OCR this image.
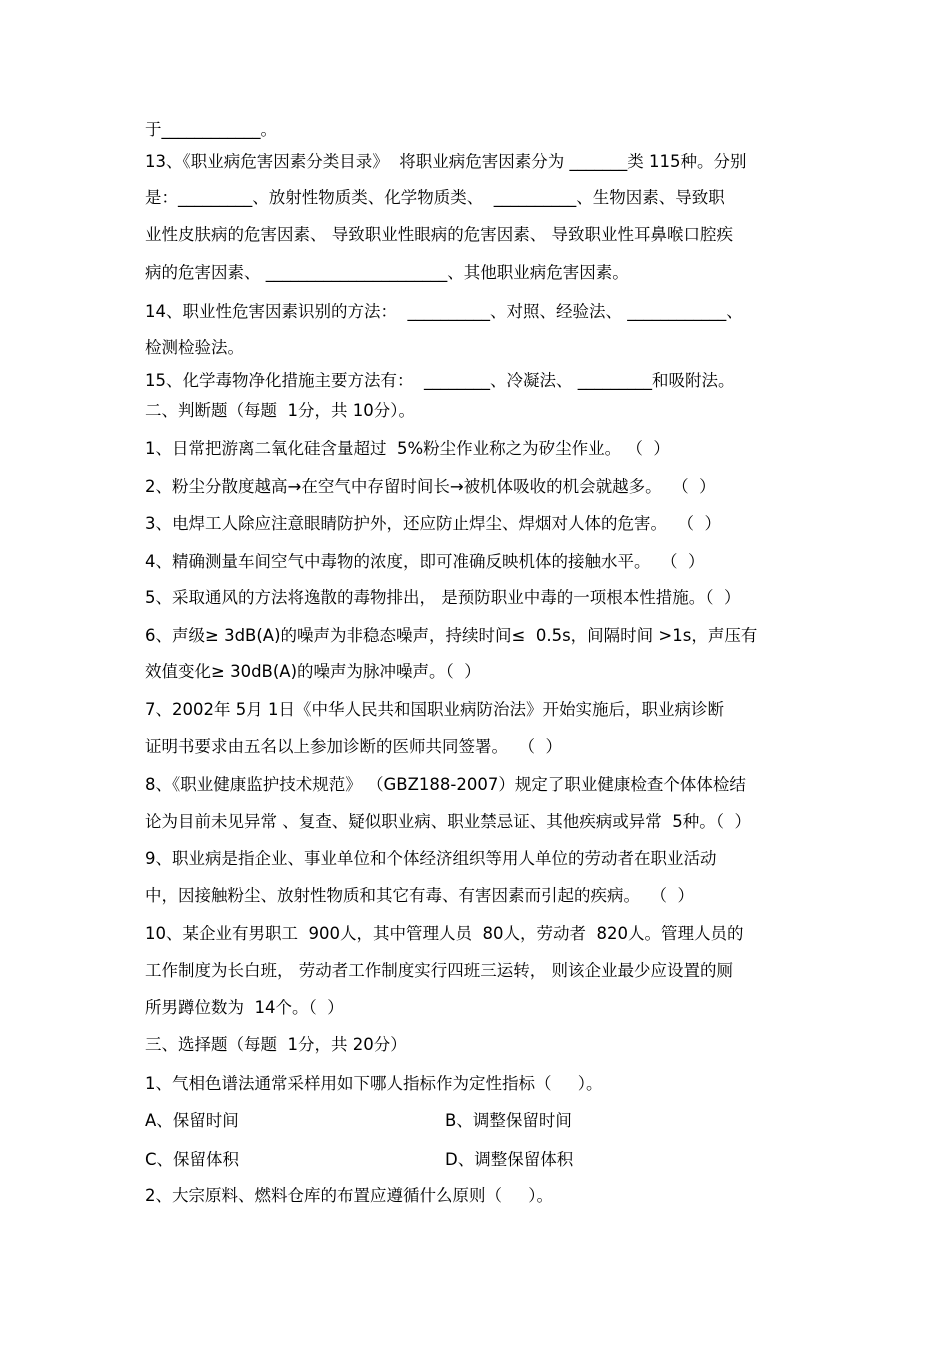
于____________。
13、《职业病危害因素分类目录》  将职业病危害因素分为 _______类 115种。分别
是：_________、放射性物质类、化学物质类、  __________、生物因素、导致职
业性皮肤病的危害因素、 导致职业性眼病的危害因素、 导致职业性耳鼻喉口腔疾
病的危害因素、 ______________________、其他职业病危害因素。
14、职业性危害因素识别的方法：  __________、对照、经验法、 ____________、
检测检验法。
15、化学毒物净化措施主要方法有：  ________、冷凝法、 _________和吸附法。
二、判断题（每题  1分，共 10分）。
1、日常把游离二氧化硅含量超过  5%粉尘作业称之为矽尘作业。 （  ）
2、粉尘分散度越高→在空气中存留时间长→被机体吸收的机会就越多。  （  ）
3、电焊工人除应注意眼睛防护外，还应防止焊尘、焊烟对人体的危害。  （  ）
4、精确测量车间空气中毒物的浓度，即可准确反映机体的接触水平。  （  ）
5、采取通风的方法将逸散的毒物排出， 是预防职业中毒的一项根本性措施。（  ）
6、声级≥ 3dB(A)的噪声为非稳态噪声，持续时间≤  0.5s，间隔时间 >1s，声压有
效值变化≥ 30dB(A)的噪声为脉冲噪声。（  ）
7、2002年 5月 1日《中华人民共和国职业病防治法》开始实施后，职业病诊断
证明书要求由五名以上参加诊断的医师共同签署。  （  ）
8、《职业健康监护技术规范》 （GBZ188-2007）规定了职业健康检查个体体检结
论为目前未见异常 、复查、疑似职业病、职业禁忌证、其他疾病或异常  5种。（  ）
9、职业病是指企业、事业单位和个体经济组织等用人单位的劳动者在职业活动
中，因接触粉尘、放射性物质和其它有毒、有害因素而引起的疾病。  （  ）
10、某企业有男职工  900人，其中管理人员  80人，劳动者  820人。管理人员的
工作制度为长白班， 劳动者工作制度实行四班三运转， 则该企业最少应设置的厕
所男蹲位数为  14个。（  ）
三、选择题（每题  1分，共 20分）
1、气相色谱法通常采样用如下哪人指标作为定性指标（     ）。
A、保留时间	B、调整保留时间
C、保留体积	D、调整保留体积
2、大宗原料、燃料仓库的布置应遵循什么原则（     ）。
